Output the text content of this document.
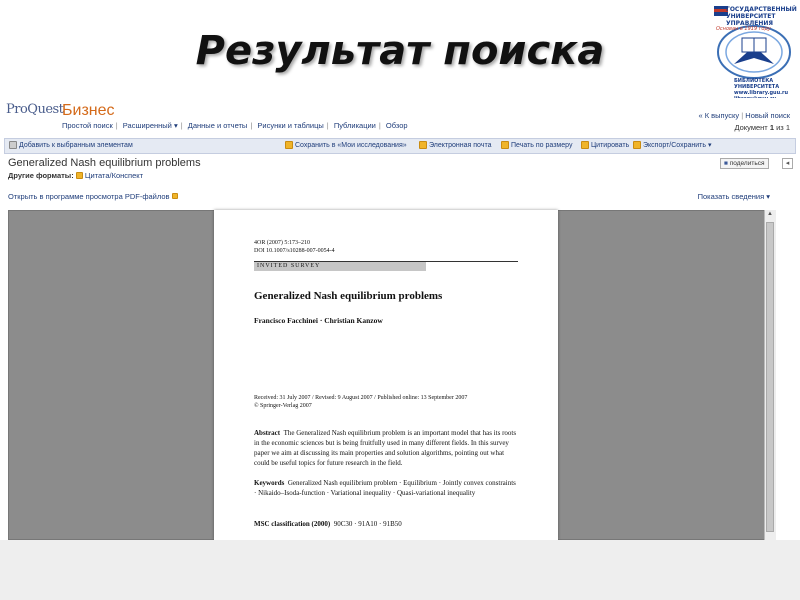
Результат поиска
ГОСУДАРСТВЕННЫЙ УНИВЕРСИТЕТ УПРАВЛЕНИЯ
Основан в 1919 году
БИБЛИОТЕКА УНИВЕРСИТЕТА
www.library.guu.ru
ProQuest
Бизнес
Простой поиск | Расширенный ▾ | Данные и отчеты | Рисунки и таблицы | Публикации | Обзор
« К выпуску | Новый поиск
Документ 1 из 1
Добавить к выбранным элементам	Сохранить в «Мои исследования»	Электронная почта	Печать по размеру	Цитировать Экспорт/Сохранить ▾
Generalized Nash equilibrium problems	■ поделиться	◂
Другие форматы: Цитата/Конспект
Открыть в программе просмотра PDF-файлов	Показать сведения ▾
4OR (2007) 5:173–210
DOI 10.1007/s10288-007-0054-4
INVITED SURVEY
Generalized Nash equilibrium problems
Francisco Facchinei · Christian Kanzow
Received: 31 July 2007 / Revised: 9 August 2007 / Published online: 13 September 2007
© Springer-Verlag 2007
Abstract The Generalized Nash equilibrium problem is an important model that has its roots in the economic sciences but is being fruitfully used in many different fields. In this survey paper we aim at discussing its main properties and solution algorithms, pointing out what could be useful topics for future research in the field.
Keywords Generalized Nash equilibrium problem · Equilibrium · Jointly convex constraints · Nikaido–Isoda-function · Variational inequality · Quasi-variational inequality
MSC classification (2000) 90C30 · 91A10 · 91B50
▲
